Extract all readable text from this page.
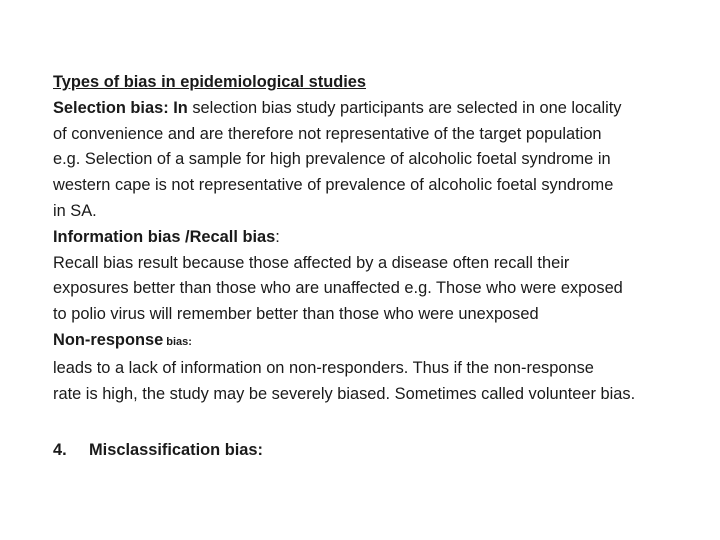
Types of bias in epidemiological studies
Selection bias: In selection bias study participants are selected in one locality
of convenience and are therefore not representative of the target population
e.g. Selection of a sample for high prevalence of alcoholic foetal syndrome in
western cape is not representative of prevalence of alcoholic foetal syndrome
in SA.
Information bias /Recall bias:
Recall bias result because those affected by a disease often recall their
exposures better than those who are unaffected e.g. Those who were exposed
to polio virus will remember better than those who were unexposed
Non-response bias:
leads to a lack of information on non-responders. Thus if the non-response
rate is high, the study may be severely biased. Sometimes called volunteer bias.
4.	Misclassification bias:
